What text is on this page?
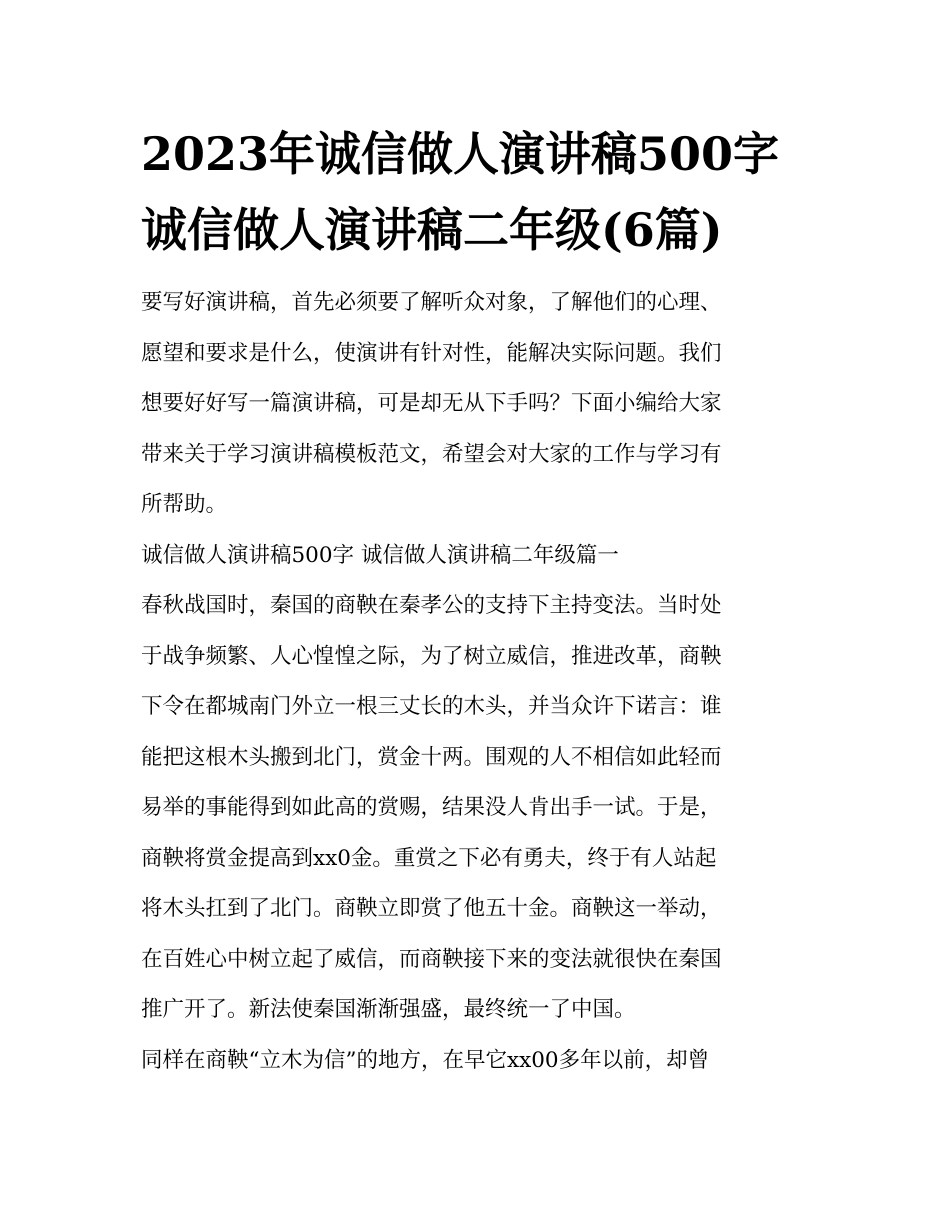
2023年诚信做人演讲稿500字
诚信做人演讲稿二年级(6篇)
要写好演讲稿，首先必须要了解听众对象，了解他们的心理、
愿望和要求是什么，使演讲有针对性，能解决实际问题。我们
想要好好写一篇演讲稿，可是却无从下手吗？下面小编给大家
带来关于学习演讲稿模板范文，希望会对大家的工作与学习有
所帮助。
诚信做人演讲稿500字 诚信做人演讲稿二年级篇一
春秋战国时，秦国的商鞅在秦孝公的支持下主持变法。当时处
于战争频繁、人心惶惶之际，为了树立威信，推进改革，商鞅
下令在都城南门外立一根三丈长的木头，并当众许下诺言：谁
能把这根木头搬到北门，赏金十两。围观的人不相信如此轻而
易举的事能得到如此高的赏赐，结果没人肯出手一试。于是，
商鞅将赏金提高到xx0金。重赏之下必有勇夫，终于有人站起
将木头扛到了北门。商鞅立即赏了他五十金。商鞅这一举动，
在百姓心中树立起了威信，而商鞅接下来的变法就很快在秦国
推广开了。新法使秦国渐渐强盛，最终统一了中国。
同样在商鞅“立木为信”的地方，在早它xx00多年以前，却曾
